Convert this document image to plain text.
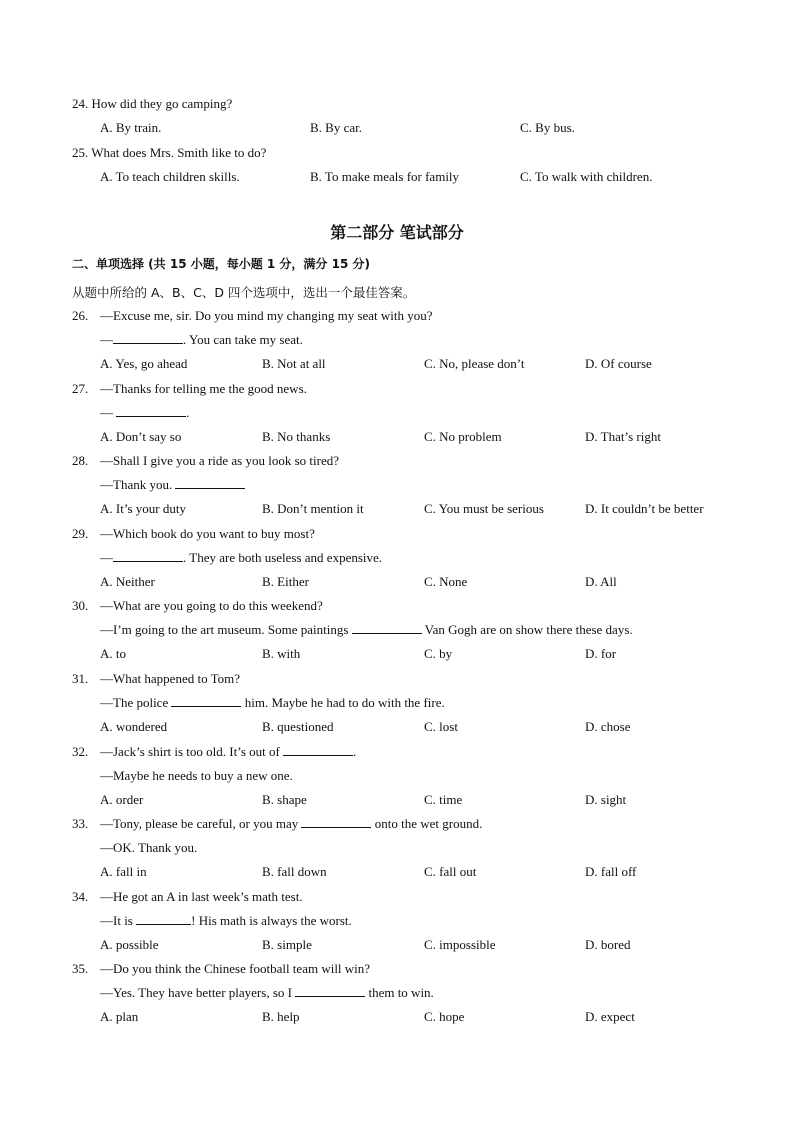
24. How did they go camping?
A. By train.	B. By car.	C. By bus.
25. What does Mrs. Smith like to do?
A. To teach children skills.	B. To make meals for family	C. To walk with children.
第二部分 笔试部分
二、单项选择 (共 15 小题，每小题 1 分，满分 15 分)
从题中所给的 A、B、C、D 四个选项中，选出一个最佳答案。
26. —Excuse me, sir. Do you mind my changing my seat with you?
—	. You can take my seat.
A. Yes, go ahead	B. Not at all	C. No, please don’t	D. Of course
27. —Thanks for telling me the good news.
—	.
A. Don’t say so	B. No thanks	C. No problem	D. That’s right
28. —Shall I give you a ride as you look so tired?
—Thank you.
A. It’s your duty	B. Don’t mention it	C. You must be serious	D. It couldn’t be better
29. —Which book do you want to buy most?
—	. They are both useless and expensive.
A. Neither	B. Either	C. None	D. All
30. —What are you going to do this weekend?
—I’m going to the art museum. Some paintings	Van Gogh are on show there these days.
A. to	B. with	C. by	D. for
31. —What happened to Tom?
—The police	him. Maybe he had to do with the fire.
A. wondered	B. questioned	C. lost	D. chose
32. —Jack’s shirt is too old. It’s out of	.
—Maybe he needs to buy a new one.
A. order	B. shape	C. time	D. sight
33. —Tony, please be careful, or you may	onto the wet ground.
—OK. Thank you.
A. fall in	B. fall down	C. fall out	D. fall off
34. —He got an A in last week’s math test.
—It is	! His math is always the worst.
A. possible	B. simple	C. impossible	D. bored
35. —Do you think the Chinese football team will win?
—Yes. They have better players, so I	them to win.
A. plan	B. help	C. hope	D. expect
